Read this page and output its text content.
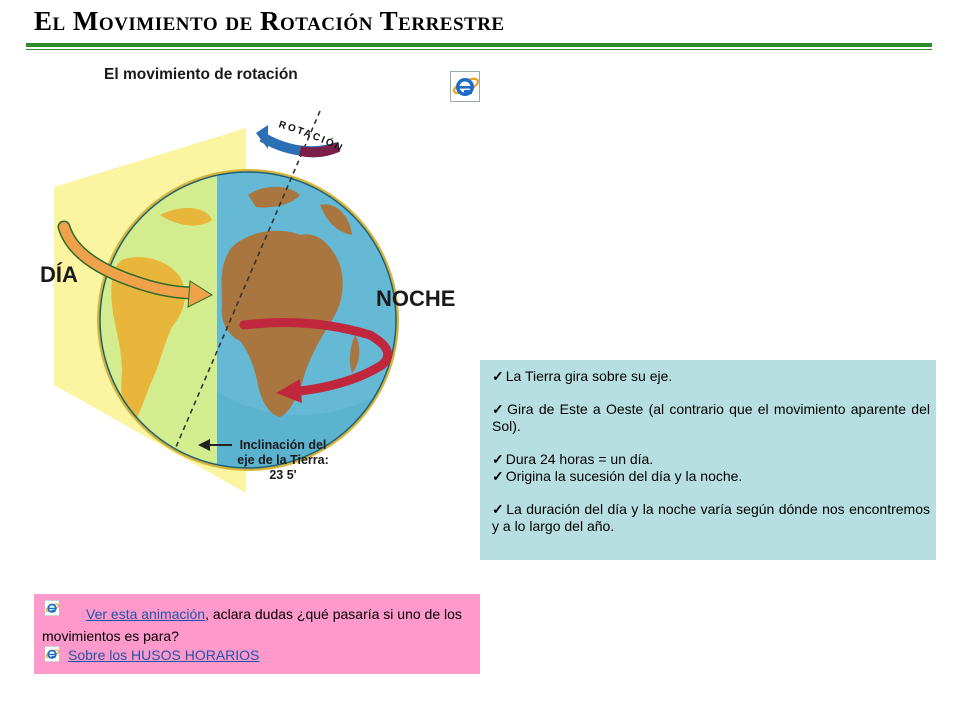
El Movimiento de Rotación Terrestre
ROTACIÓN
El movimiento de rotación
DÍA
NOCHE
Inclinación del
eje de la Tierra:
23 5'
✓ La Tierra gira sobre su eje.
✓ Gira de Este a Oeste (al contrario que el movimiento aparente del Sol).
✓ Dura 24 horas = un día.
✓ Origina la sucesión del día y la noche.
✓ La duración del día y la noche varía según dónde nos encontremos y a lo largo del año.
Ver esta animación, aclara dudas ¿qué pasaría si uno de los movimientos es para?
Sobre los HUSOS HORARIOS
